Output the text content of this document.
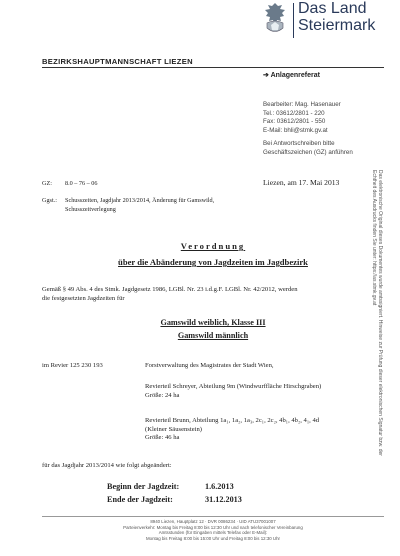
Das Land
Steiermark
BEZIRKSHAUPTMANNSCHAFT LIEZEN
➔ Anlagenreferat
Bearbeiter: Mag. Hasenauer
Tel.: 03612/2801 - 220
Fax: 03612/2801 - 550
E-Mail: bhli@stmk.gv.at
Bei Antwortschreiben bitte
Geschäftszeichen (GZ) anführen
GZ: 8.0 – 76 – 06	Liezen, am 17. Mai 2013
Ggst.: Schusszeiten, Jagdjahr 2013/2014, Änderung für Gamswild,
Schusszeitverlegung
Verordnung
über die Abänderung von Jagdzeiten im Jagdbezirk
Gemäß § 49 Abs. 4 des Stmk. Jagdgesetz 1986, LGBl. Nr. 23 i.d.g.F. LGBl. Nr. 42/2012, werden
die festgesetzten Jagdzeiten für
Gamswild weiblich, Klasse III
Gamswild männlich
im Revier 125 230 193	Forstverwaltung des Magistrates der Stadt Wien,
Revierteil Schreyer, Abteilung 9m (Windwurffläche Hirschgraben)
Größe: 24 ha
Revierteil Brunn, Abteilung 1a₁, 1a₂, 1a₃, 2c₁, 2c₂, 4b₁, 4b₂, 4₁, 4d
(Kleiner Säusenstein)
Größe: 46 ha
für das Jagdjahr 2013/2014 wie folgt abgeändert:
Beginn der Jagdzeit:	1.6.2013
Ende der Jagdzeit:	31.12.2013
8940 Liezen, Hauptplatz 12 · DVR 0086234 · UID ATU37001007
Parteienverkehr: Montag bis Freitag 8:00 bis 12:30 Uhr und nach telefonischer Vereinbarung
Amtsstunden (für Eingaben mittels Telefax oder E-Mail):
Montag bis Freitag 8:00 bis 15:00 Uhr und Freitag 8:00 bis 12:30 Uhr
Das elektronische Original dieses Dokumentes wurde amtssigniert. Hinweise zur Prüfung dieser elektronischen Signatur bzw. der Echtheit des Ausdrucks finden Sie unter: https://as.stmk.gv.at
